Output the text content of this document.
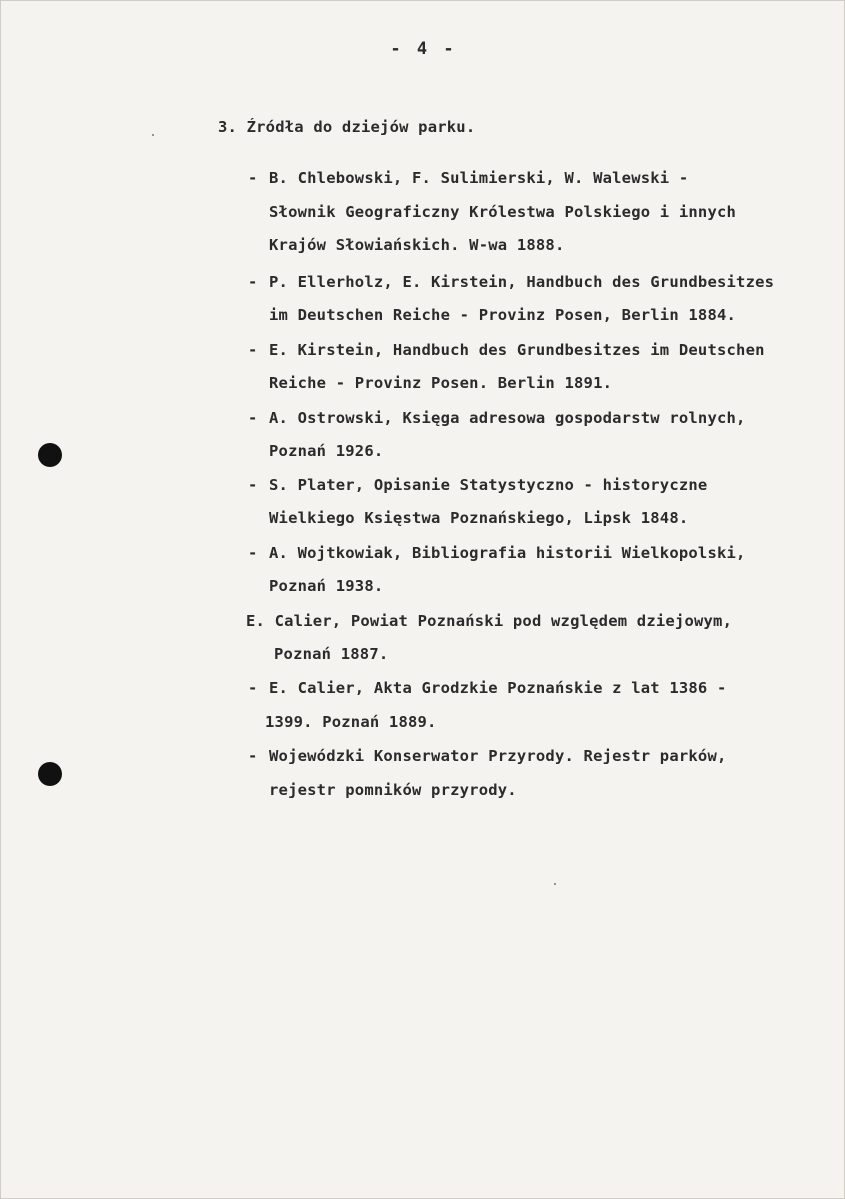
- 4 -
3. Źródła do dziejów parku.
- B. Chlebowski, F. Sulimierski, W. Walewski -
Słownik Geograficzny Królestwa Polskiego i innych
Krajów Słowiańskich. W-wa 1888.
- P. Ellerholz, E. Kirstein, Handbuch des Grundbesitzes
im Deutschen Reiche - Provinz Posen, Berlin 1884.
- E. Kirstein, Handbuch des Grundbesitzes im Deutschen
Reiche - Provinz Posen. Berlin 1891.
- A. Ostrowski, Księga adresowa gospodarstw rolnych,
Poznań 1926.
- S. Plater, Opisanie Statystyczno - historyczne
Wielkiego Księstwa Poznańskiego, Lipsk 1848.
- A. Wojtkowiak, Bibliografia historii Wielkopolski,
Poznań 1938.
E. Calier, Powiat Poznański pod względem dziejowym,
Poznań 1887.
- E. Calier, Akta Grodzkie Poznańskie z lat 1386 -
1399. Poznań 1889.
- Wojewódzki Konserwator Przyrody. Rejestr parków,
rejestr pomników przyrody.
